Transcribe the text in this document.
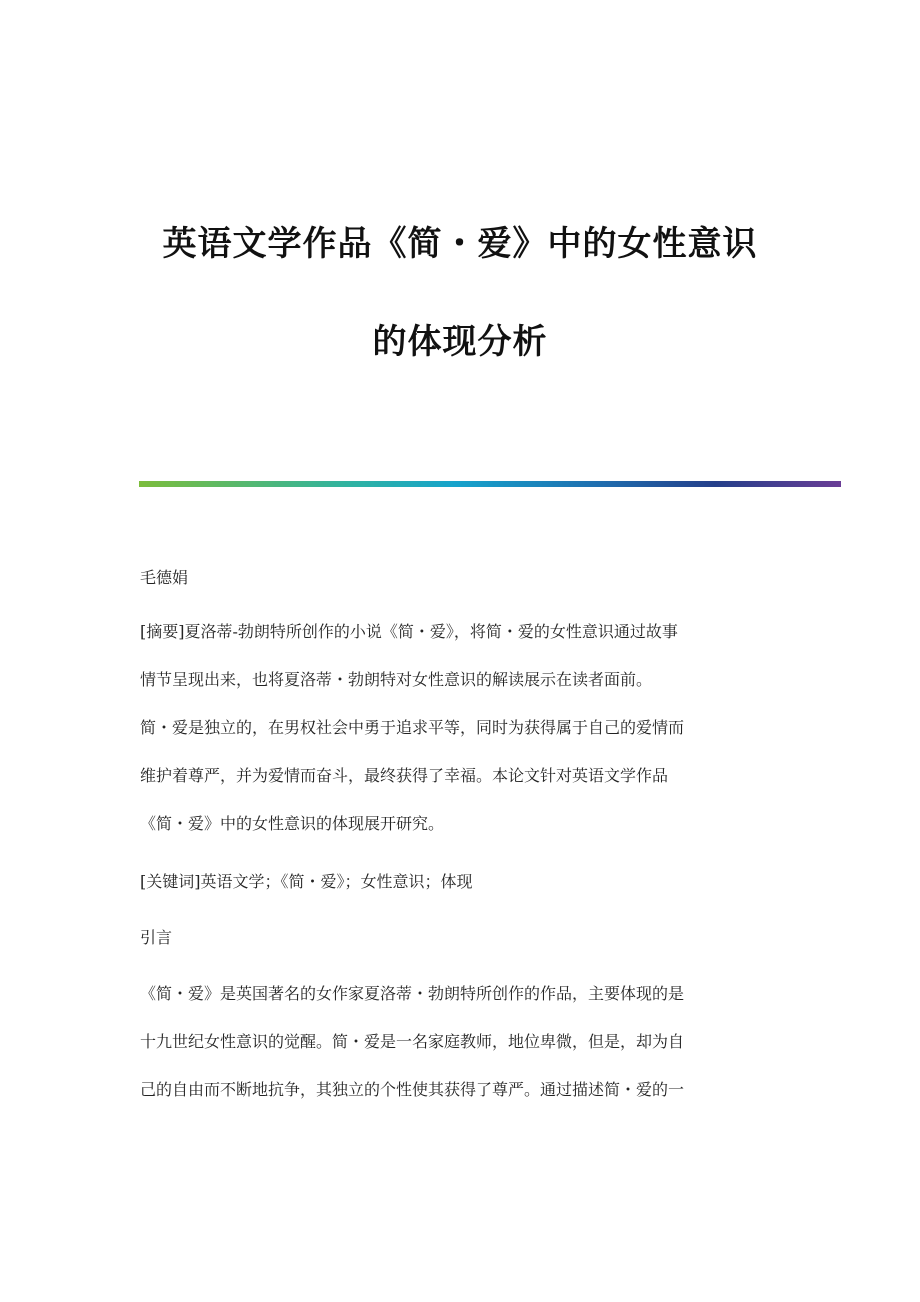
英语文学作品《简・爱》中的女性意识
的体现分析
毛德娟
[摘要]夏洛蒂-勃朗特所创作的小说《简・爱》，将简・爱的女性意识通过故事
情节呈现出来，也将夏洛蒂・勃朗特对女性意识的解读展示在读者面前。
简・爱是独立的，在男权社会中勇于追求平等，同时为获得属于自己的爱情而
维护着尊严，并为爱情而奋斗，最终获得了幸福。本论文针对英语文学作品
《简・爱》中的女性意识的体现展开研究。
[关键词]英语文学；《简・爱》；女性意识；体现
引言
《简・爱》是英国著名的女作家夏洛蒂・勃朗特所创作的作品，主要体现的是
十九世纪女性意识的觉醒。简・爱是一名家庭教师，地位卑微，但是，却为自
己的自由而不断地抗争，其独立的个性使其获得了尊严。通过描述简・爱的一
